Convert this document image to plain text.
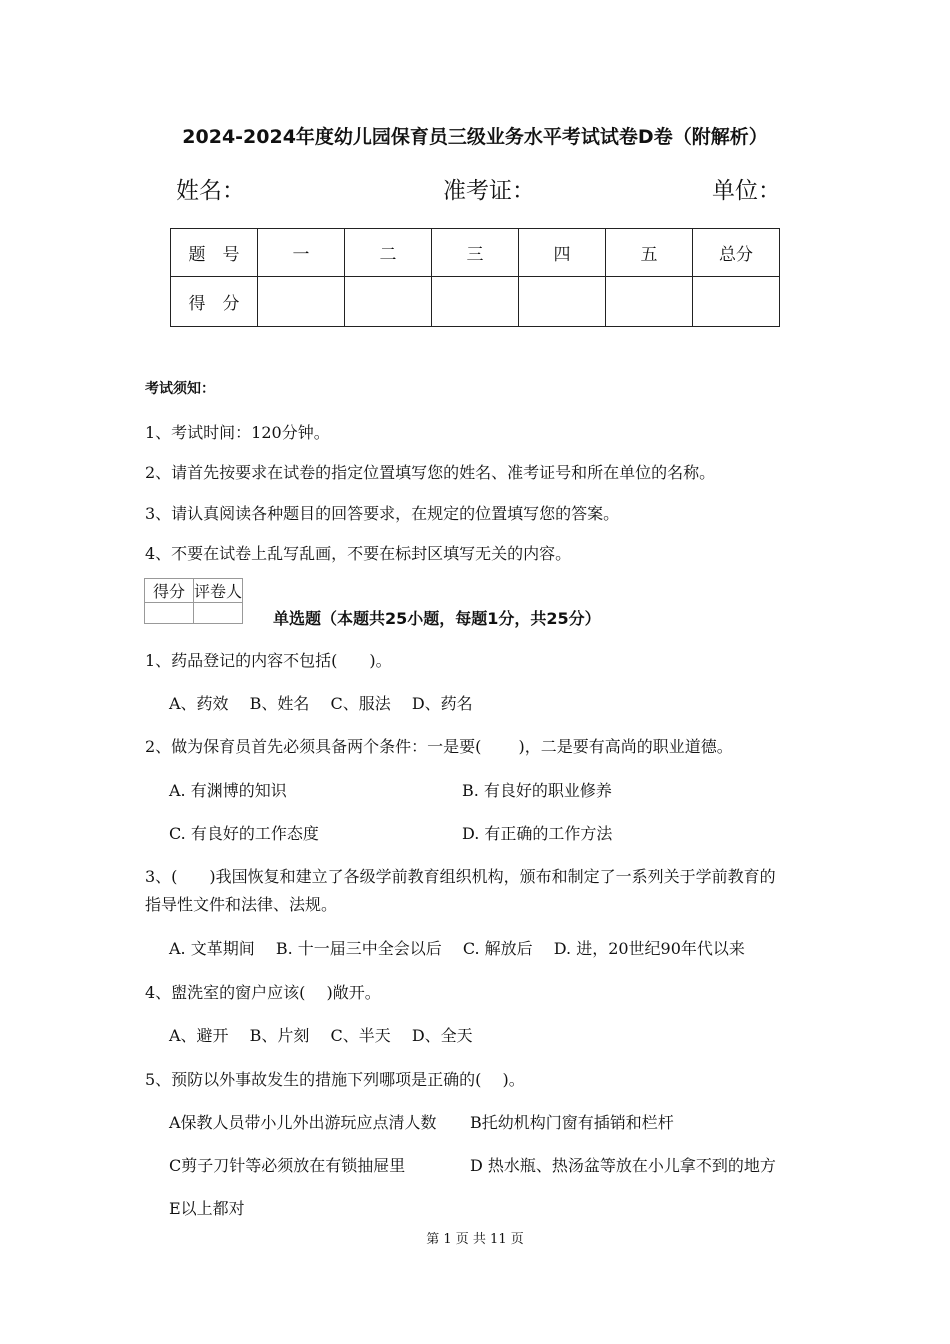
2024-2024年度幼儿园保育员三级业务水平考试试卷D卷（附解析）
姓名：	准考证：	单位：
题　号	一	二	三	四	五	总分
得　分						
考试须知：
1、考试时间：120分钟。
2、请首先按要求在试卷的指定位置填写您的姓名、准考证号和所在单位的名称。
3、请认真阅读各种题目的回答要求，在规定的位置填写您的答案。
4、不要在试卷上乱写乱画，不要在标封区填写无关的内容。
得分	评卷人

单选题（本题共25小题，每题1分，共25分）
1、药品登记的内容不包括(　　)。
A、药效　 B、姓名　 C、服法　 D、药名
2、做为保育员首先必须具备两个条件：一是要(　　 )，二是要有高尚的职业道德。
A. 有渊博的知识	B. 有良好的职业修养
C. 有良好的工作态度	D. 有正确的工作方法
3、(　　)我国恢复和建立了各级学前教育组织机构，颁布和制定了一系列关于学前教育的
指导性文件和法律、法规。
A. 文革期间　 B. 十一届三中全会以后　 C. 解放后　 D. 进，20世纪90年代以来
4、盥洗室的窗户应该(　 )敞开。
A、避开　 B、片刻　 C、半天　 D、全天
5、预防以外事故发生的措施下列哪项是正确的(　 )。
A保教人员带小儿外出游玩应点清人数 B托幼机构门窗有插销和栏杆
C剪子刀针等必须放在有锁抽屉里	D 热水瓶、热汤盆等放在小儿拿不到的地方
E以上都对
第 1 页 共 11 页
